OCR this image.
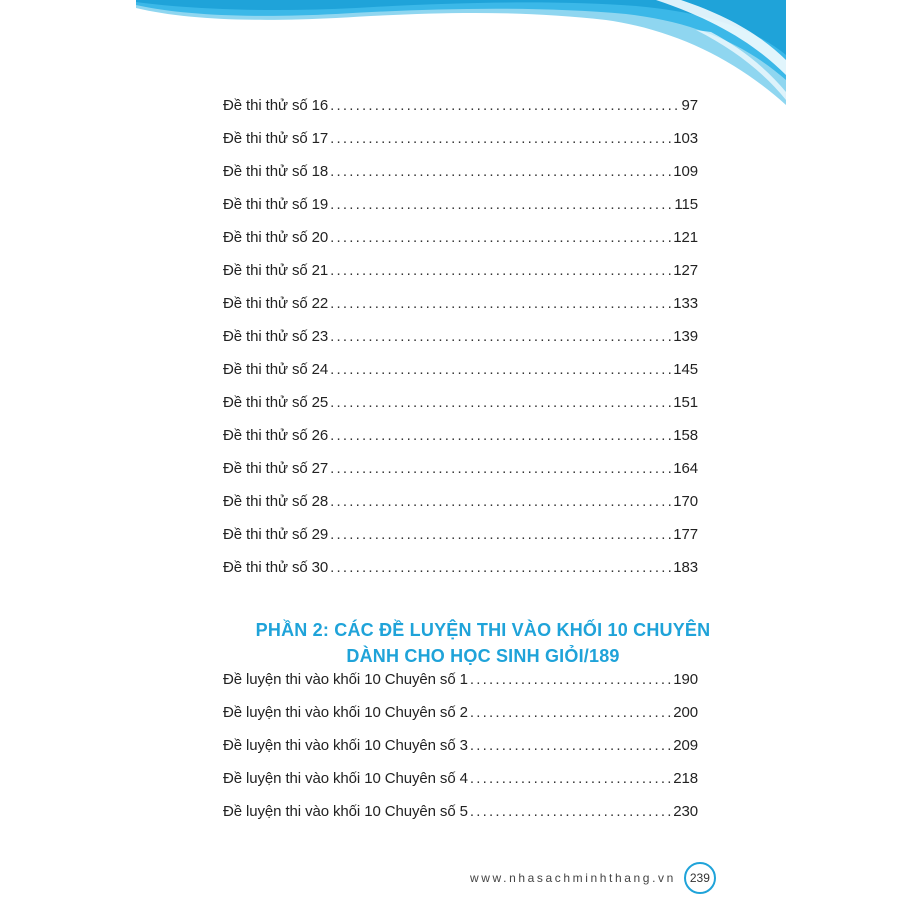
Đề thi thử số 16 .....	97
Đề thi thử số 17 .....	103
Đề thi thử số 18 .....	109
Đề thi thử số 19 .....	115
Đề thi thử số 20 .....	121
Đề thi thử số 21 .....	127
Đề thi thử số 22 .....	133
Đề thi thử số 23 .....	139
Đề thi thử số 24 .....	145
Đề thi thử số 25 .....	151
Đề thi thử số 26 .....	158
Đề thi thử số 27 .....	164
Đề thi thử số 28 .....	170
Đề thi thử số 29 .....	177
Đề thi thử số 30 .....	183
PHẦN 2: CÁC ĐỀ LUYỆN THI VÀO KHỐI 10 CHUYÊN
DÀNH CHO HỌC SINH GIỎI/189
Đề luyện thi vào khối 10 Chuyên số 1 .....	190
Đề luyện thi vào khối 10 Chuyên số 2 .....	200
Đề luyện thi vào khối 10 Chuyên số 3 .....	209
Đề luyện thi vào khối 10 Chuyên số 4 .....	218
Đề luyện thi vào khối 10 Chuyên số 5 .....	230
www.nhasachminhthang.vn 239
